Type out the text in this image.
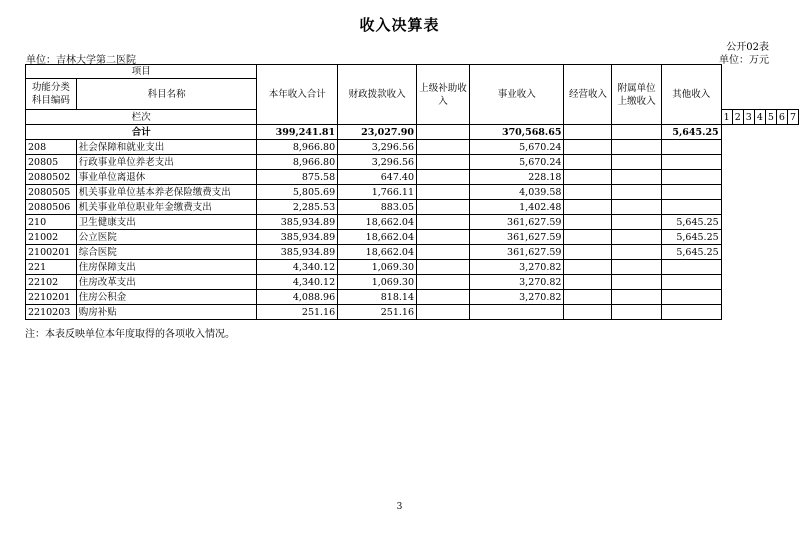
收入决算表
公开02表
单位：万元
单位：吉林大学第二医院
项目		本年收入合计	财政拨款收入	上级补助收入	事业收入	经营收入	附属单位上缴收入	其他收入							
功能分类科目编码	科目名称														
栏次									1	2	3	4	5	6	7
合计		399,241.81	23,027.90		370,568.65			5,645.25							
208	社会保障和就业支出	8,966.80	3,296.56		5,670.24										
20805	行政事业单位养老支出	8,966.80	3,296.56		5,670.24										
2080502	事业单位离退休	875.58	647.40		228.18										
2080505	机关事业单位基本养老保险缴费支出	5,805.69	1,766.11		4,039.58										
2080506	机关事业单位职业年金缴费支出	2,285.53	883.05		1,402.48										
210	卫生健康支出	385,934.89	18,662.04		361,627.59			5,645.25							
21002	公立医院	385,934.89	18,662.04		361,627.59			5,645.25							
2100201	综合医院	385,934.89	18,662.04		361,627.59			5,645.25							
221	住房保障支出	4,340.12	1,069.30		3,270.82										
22102	住房改革支出	4,340.12	1,069.30		3,270.82										
2210201	住房公积金	4,088.96	818.14		3,270.82										
2210203	购房补贴	251.16	251.16												
注：本表反映单位本年度取得的各项收入情况。
3
